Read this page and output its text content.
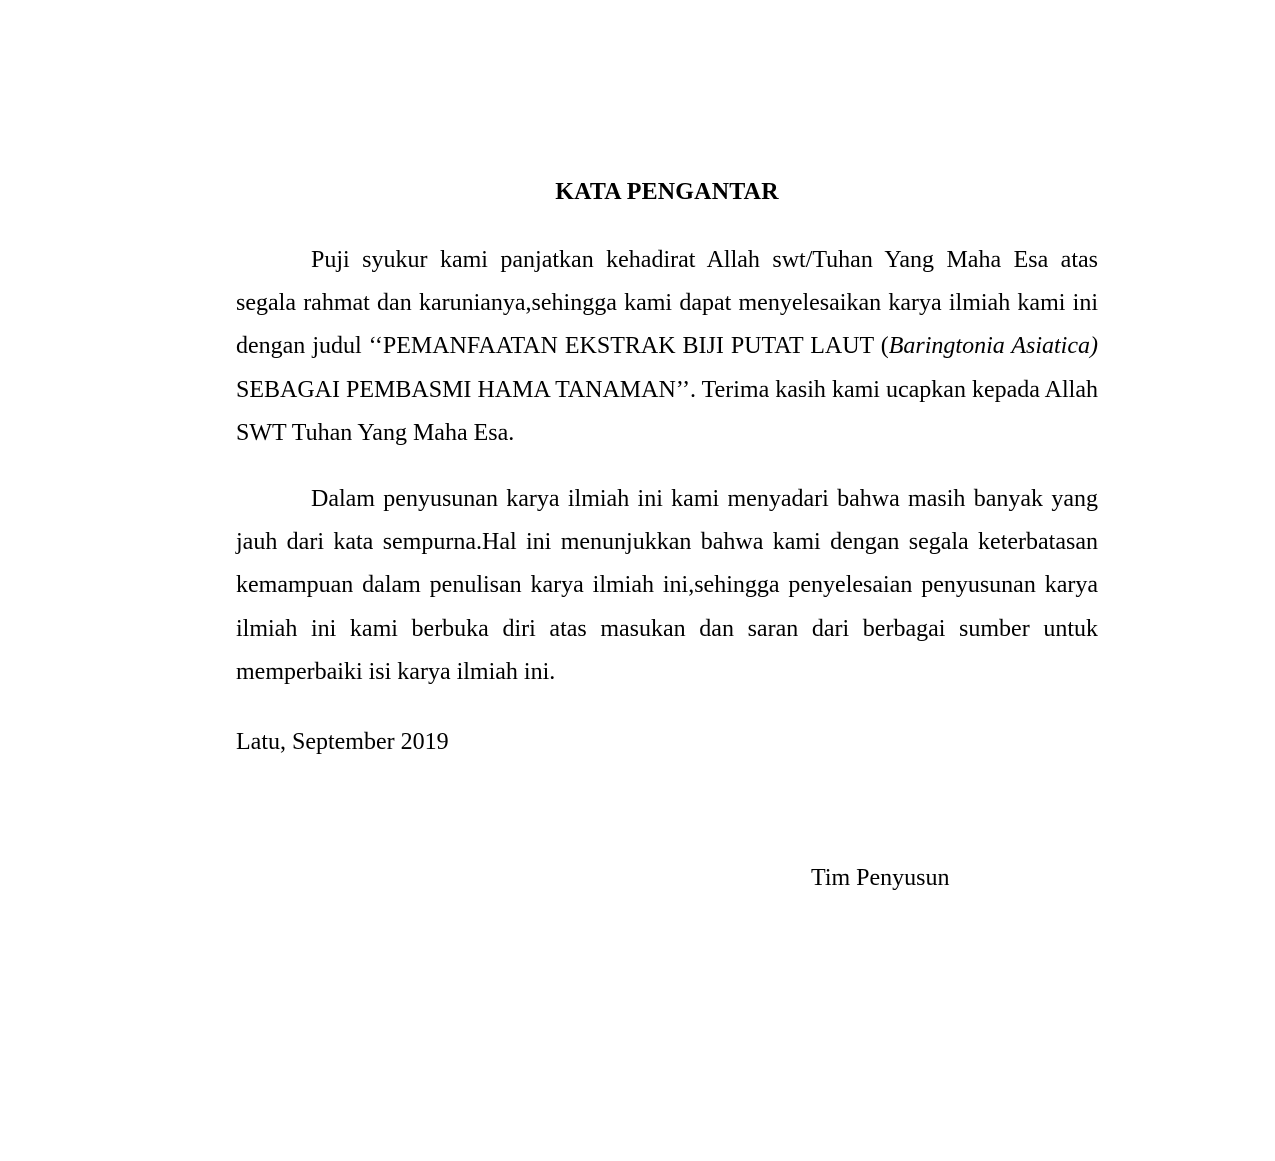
KATA PENGANTAR

Puji syukur kami panjatkan kehadirat Allah swt/Tuhan Yang Maha Esa atas segala rahmat dan karunianya,sehingga kami dapat menyelesaikan karya ilmiah kami ini dengan judul ‘‘PEMANFAATAN EKSTRAK BIJI PUTAT LAUT (Baringtonia Asiatica) SEBAGAI PEMBASMI HAMA TANAMAN’’. Terima kasih kami ucapkan kepada Allah SWT Tuhan Yang Maha Esa.

Dalam penyusunan karya ilmiah ini kami menyadari bahwa masih banyak yang jauh dari kata sempurna.Hal ini menunjukkan bahwa kami dengan segala keterbatasan kemampuan dalam penulisan karya ilmiah ini,sehingga penyelesaian penyusunan karya ilmiah ini kami berbuka diri atas masukan dan saran dari berbagai sumber untuk memperbaiki isi karya ilmiah ini.

Latu, September 2019
Tim Penyusun
